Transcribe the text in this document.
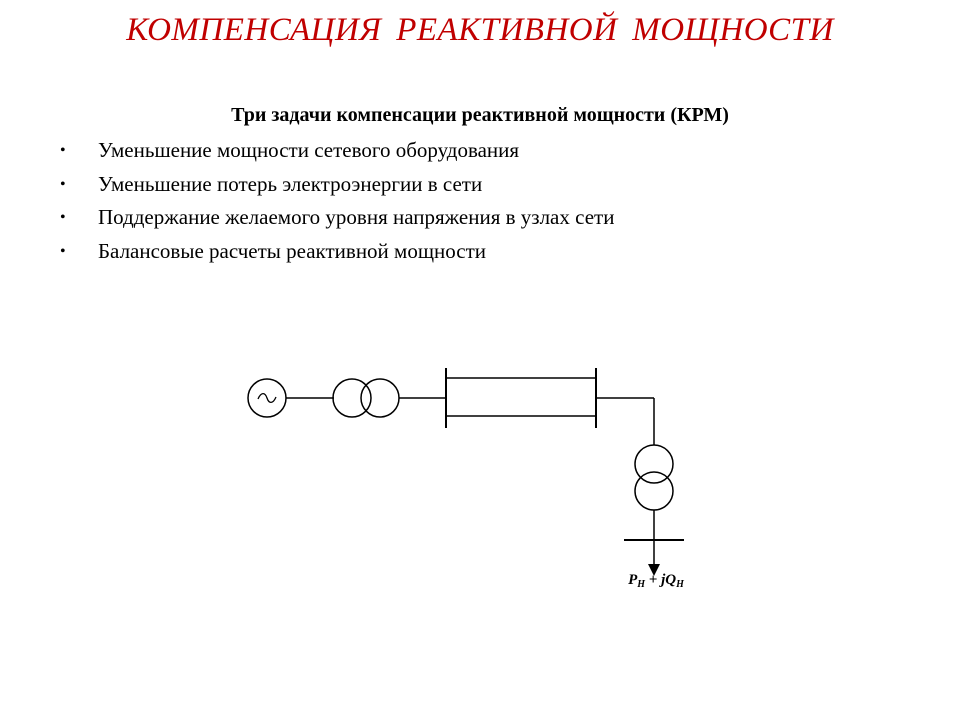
КОМПЕНСАЦИЯ РЕАКТИВНОЙ МОЩНОСТИ
Три задачи компенсации реактивной мощности (КРМ)
• Уменьшение мощности сетевого оборудования
• Уменьшение потерь электроэнергии в сети
• Поддержание желаемого уровня напряжения в узлах сети
• Балансовые расчеты реактивной мощности
$P_Н + jQ_Н$
